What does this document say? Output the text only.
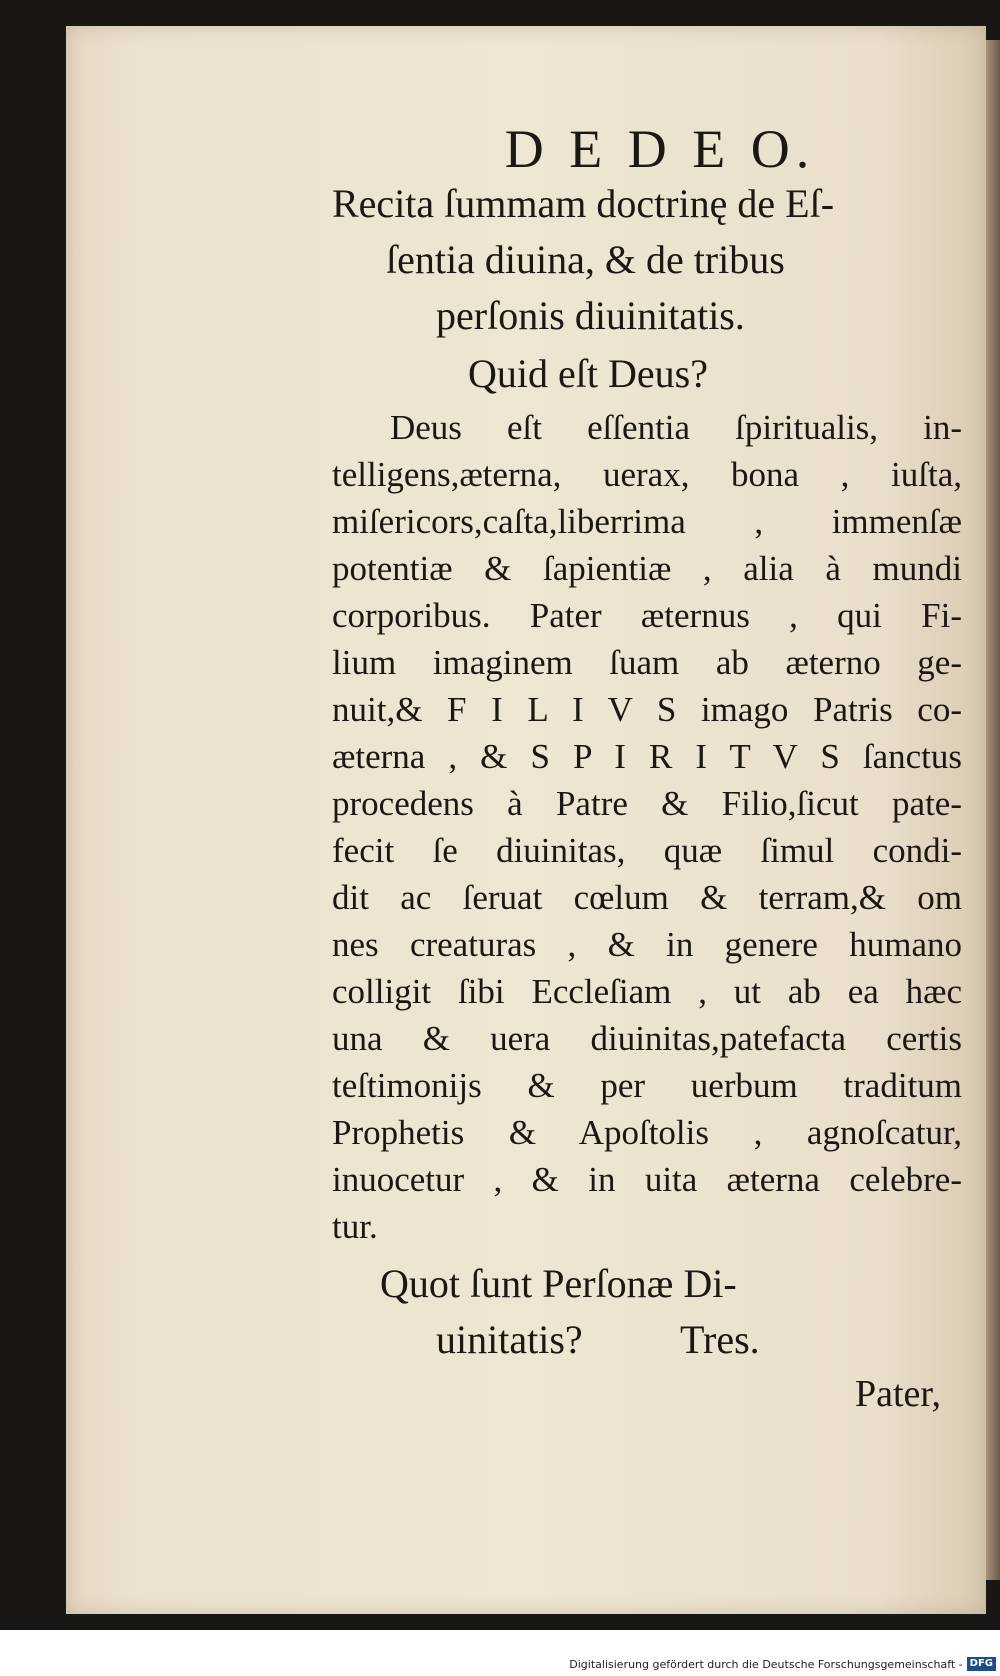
D E D E O.
Recita ſummam doctrinę de Eſ-
ſentia diuina, & de tribus
perſonis diuinitatis.
Quid eſt Deus?
Deus eſt eſſentia ſpiritualis, in-
telligens,æterna, uerax, bona , iuſta,
miſericors,caſta,liberrima , immenſæ
potentiæ & ſapientiæ , alia à mundi
corporibus. Pater æternus , qui Fi-
lium imaginem ſuam ab æterno ge-
nuit,& F I L I V S imago Patris co-
æterna , & S P I R I T V S ſanctus
procedens à Patre & Filio,ſicut pate-
fecit ſe diuinitas, quæ ſimul condi-
dit ac ſeruat cœlum & terram,& om
nes creaturas , & in genere humano
colligit ſibi Eccleſiam , ut ab ea hæc
una & uera diuinitas,patefacta certis
teſtimonijs & per uerbum traditum
Prophetis & Apoſtolis , agnoſcatur,
inuocetur , & in uita æterna celebre-
tur.
Quot ſunt Perſonæ Di-
uinitatis? Tres.
Pater,
Digitalisierung gefördert durch die Deutsche Forschungsgemeinschaft - DFG
